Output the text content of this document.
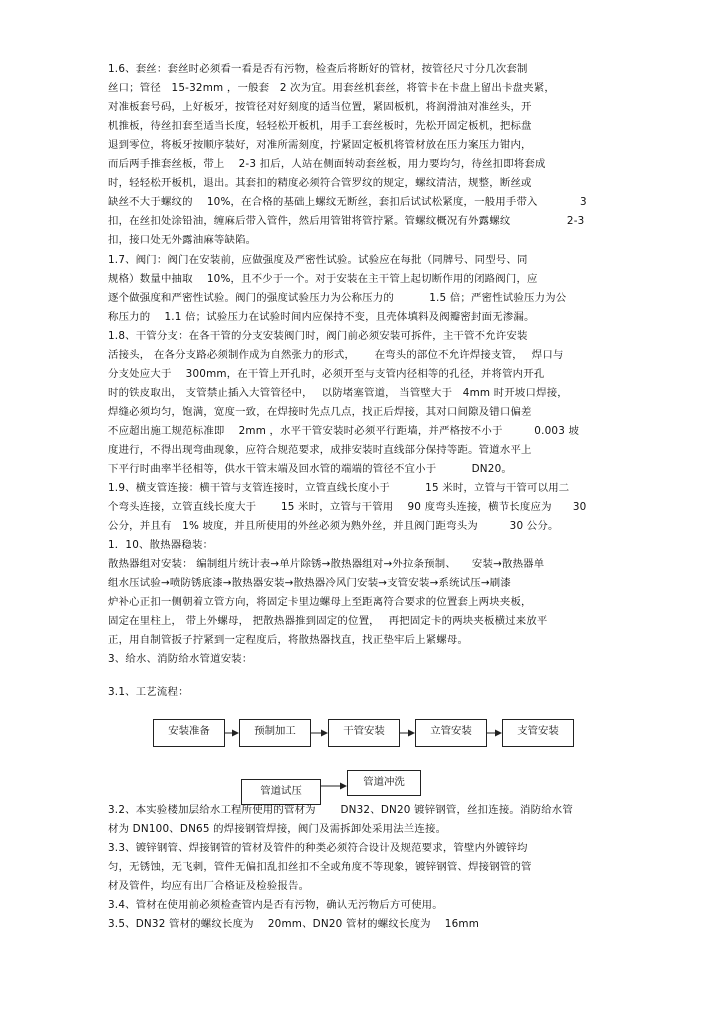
1.6、套丝：套丝时必须看一看是否有污物，检查后将断好的管材，按管径尺寸分几次套制
丝口；管径　15-32mm ，一般套　2 次为宜。用套丝机套丝，将管卡在卡盘上留出卡盘夹紧，
对准板套号码，上好板牙，按管径对好刻度的适当位置，紧固板机，将润滑油对准丝头，开
机推板，待丝扣套至适当长度，轻轻松开板机，用手工套丝板时，先松开固定板机，把标盘
退到零位，将板牙按顺序装好，对准所需刻度，拧紧固定板机将管材放在压力案压力钳内，
而后两手推套丝板，带上　 2-3 扣后，人站在侧面转动套丝板，用力要均匀，待丝扣即将套成
时，轻轻松开板机，退出。其套扣的精度必须符合管罗纹的规定，螺纹清洁，规整，断丝或
缺丝不大于螺纹的　 10%，在合格的基础上螺纹无断丝，套扣后试试松紧度，一般用手带入　　　　3
扣，在丝扣处涂铅油，缠麻后带入管件，然后用管钳将管拧紧。管螺纹概况有外露螺纹　　　　　 2-3
扣，接口处无外露油麻等缺陷。
1.7、阀门：阀门在安装前，应做强度及严密性试验。试验应在每批（同牌号、同型号、同
规格）数量中抽取　 10%，且不少于一个。对于安装在主干管上起切断作用的闭路阀门，应
逐个做强度和严密性试验。阀门的强度试验压力为公称压力的　　　 1.5 倍；严密性试验压力为公
称压力的　 1.1 倍；试验压力在试验时间内应保持不变，且壳体填料及阀瓣密封面无渗漏。
1.8、干管分支：在各干管的分支安装阀门时，阀门前必须安装可拆件，主干管不允许安装
活接头， 在各分支路必须制作成为自然张力的形式，　　 在弯头的部位不允许焊接支管，　 焊口与
分支处应大于　 300mm，在干管上开孔时，必须开至与支管内径相等的孔径，并将管内开孔
时的铁皮取出， 支管禁止插入大管管径中，　 以防堵塞管道， 当管壁大于　4mm 时开坡口焊接，
焊缝必须均匀，饱满，宽度一致，在焊接时先点几点，找正后焊接，其对口间隙及错口偏差
不应超出施工规范标准即　 2mm ，水平干管安装时必须平行距墙，并严格按不小于　　　0.003 坡
度进行，不得出现弯曲现象，应符合规范要求，成排安装时直线部分保持等距。管道水平上
下平行时曲率半径相等，供水干管末端及回水管的端端的管径不宜小于　　　 DN20。
1.9、横支管连接：横干管与支管连接时，立管直线长度小于　　　 15 米时，立管与干管可以用二
个弯头连接，立管直线长度大于　　 15 米时，立管与干管用　 90 度弯头连接，横节长度应为　　30
公分，并且有　1% 坡度，并且所使用的外丝必须为熟外丝，并且阀门距弯头为　　　30 公分。
1．10、散热器稳装：
散热器组对安装： 编制组片统计表→单片除锈→散热器组对→外拉条预制、　　安装→散热器单
组水压试验→喷防锈底漆→散热器安装→散热器冷风门安装→支管安装→系统试压→刷漆
炉补心正扣一侧朝着立管方向，将固定卡里边螺母上至距离符合要求的位置套上两块夹板，
固定在里柱上， 带上外螺母， 把散热器推到固定的位置，　 再把固定卡的两块夹板横过来放平
正，用自制管扳子拧紧到一定程度后，将散热器找直，找正垫牢后上紧螺母。
3、给水、消防给水管道安装：
3.1、工艺流程：
安装准备	预制加工	干管安装	立管安装	支管安装
管道试压
管道冲洗
3.2、本实验楼加层给水工程所使用的管材为　　 DN32、DN20 镀锌钢管，丝扣连接。消防给水管
材为 DN100、DN65 的焊接钢管焊接，阀门及需拆卸处采用法兰连接。
3.3、镀锌钢管、焊接钢管的管材及管件的种类必须符合设计及规范要求，管壁内外镀锌均
匀，无锈蚀，无飞刺，管件无偏扣乱扣丝扣不全或角度不等现象，镀锌钢管、焊接钢管的管
材及管件，均应有出厂合格证及检验报告。
3.4、管材在使用前必须检查管内是否有污物，确认无污物后方可使用。
3.5、DN32 管材的螺纹长度为　 20mm、DN20 管材的螺纹长度为　 16mm
